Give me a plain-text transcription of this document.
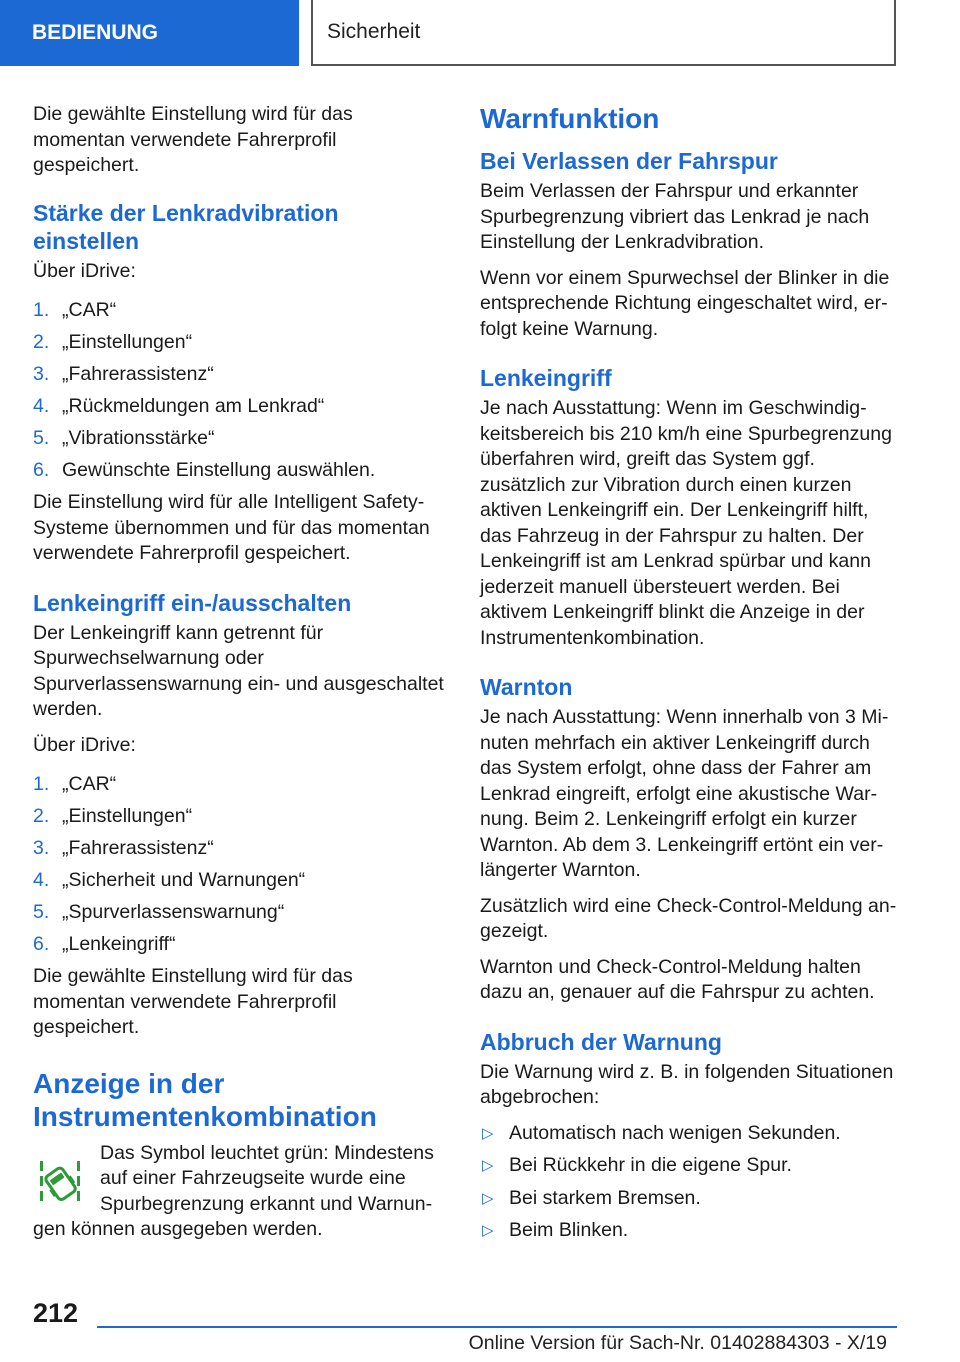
BEDIENUNG	Sicherheit

Die gewählte Einstellung wird für das momentan verwendete Fahrerprofil gespeichert.

Stärke der Lenkradvibration einstellen

Über iDrive:

1. „CAR“
2. „Einstellungen“
3. „Fahrerassistenz“
4. „Rückmeldungen am Lenkrad“
5. „Vibrationsstärke“
6. Gewünschte Einstellung auswählen.

Die Einstellung wird für alle Intelligent Safety-Systeme übernommen und für das momentan verwendete Fahrerprofil gespeichert.

Lenkeingriff ein-/ausschalten

Der Lenkeingriff kann getrennt für Spurwechselwarnung oder Spurverlassenswarnung ein- und ausgeschaltet werden.

Über iDrive:

1. „CAR“
2. „Einstellungen“
3. „Fahrerassistenz“
4. „Sicherheit und Warnungen“
5. „Spurverlassenswarnung“
6. „Lenkeingriff“

Die gewählte Einstellung wird für das momentan verwendete Fahrerprofil gespeichert.

Anzeige in der Instrumentenkombination
Das Symbol leuchtet grün: Mindestens auf einer Fahrzeugseite wurde eine Spurbegrenzung erkannt und Warnun-

gen können ausgegeben werden.

Warnfunktion
Bei Verlassen der Fahrspur

Beim Verlassen der Fahrspur und erkannter Spurbegrenzung vibriert das Lenkrad je nach Einstellung der Lenkradvibration.

Wenn vor einem Spurwechsel der Blinker in die entsprechende Richtung eingeschaltet wird, erfolgt keine Warnung.

Lenkeingriff

Je nach Ausstattung: Wenn im Geschwindigkeitsbereich bis 210 km/h eine Spurbegrenzung überfahren wird, greift das System ggf. zusätzlich zur Vibration durch einen kurzen aktiven Lenkeingriff ein. Der Lenkeingriff hilft, das Fahrzeug in der Fahrspur zu halten. Der Lenkeingriff ist am Lenkrad spürbar und kann jederzeit manuell übersteuert werden. Bei aktivem Lenkeingriff blinkt die Anzeige in der Instrumentenkombination.

Warnton

Je nach Ausstattung: Wenn innerhalb von 3 Minuten mehrfach ein aktiver Lenkeingriff durch das System erfolgt, ohne dass der Fahrer am Lenkrad eingreift, erfolgt eine akustische Warnung. Beim 2. Lenkeingriff erfolgt ein kurzer Warnton. Ab dem 3. Lenkeingriff ertönt ein verlängerter Warnton.

Zusätzlich wird eine Check-Control-Meldung angezeigt.

Warnton und Check-Control-Meldung halten dazu an, genauer auf die Fahrspur zu achten.

Abbruch der Warnung

Die Warnung wird z. B. in folgenden Situationen abgebrochen:

▷ Automatisch nach wenigen Sekunden.
▷ Bei Rückkehr in die eigene Spur.
▷ Bei starkem Bremsen.
▷ Beim Blinken.
212
Online Version für Sach-Nr. 01402884303 - X/19
